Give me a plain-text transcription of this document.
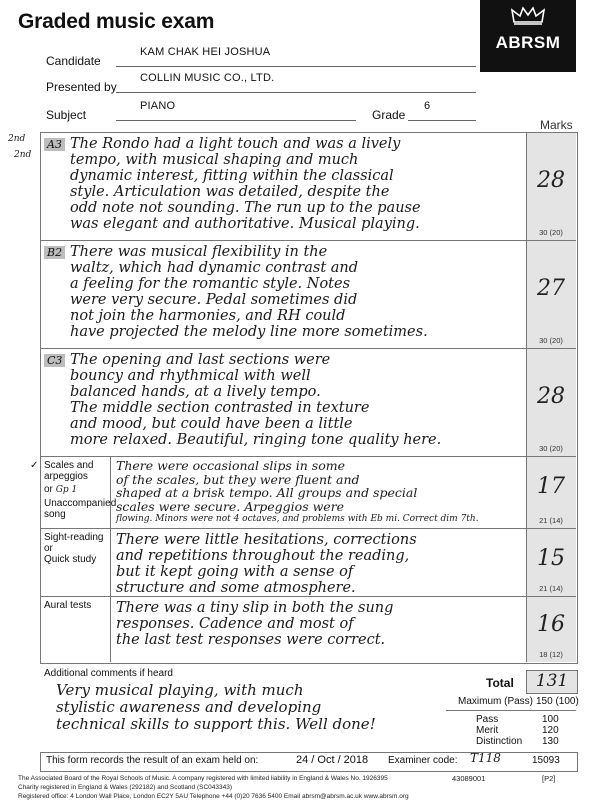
Graded music exam
ABRSM
Candidate
KAM CHAK HEI JOSHUA
Presented by
COLLIN MUSIC CO., LTD.
Subject
PIANO
Grade
6
Marks
2nd
2nd
A3 The Rondo had a light touch and was a lively
tempo, with musical shaping and much
dynamic interest, fitting within the classical
style. Articulation was detailed, despite the
odd note not sounding. The run up to the pause
was elegant and authoritative. Musical playing.
28
30 (20)
B2 There was musical flexibility in the
waltz, which had dynamic contrast and
a feeling for the romantic style. Notes
were very secure. Pedal sometimes did
not join the harmonies, and RH could
have projected the melody line more sometimes.
27
30 (20)
C3 The opening and last sections were
bouncy and rhythmical with well
balanced hands, at a lively tempo.
The middle section contrasted in texture
and mood, but could have been a little
more relaxed. Beautiful, ringing tone quality here.
28
30 (20)
✓ Scales and arpeggios
or Gp 1
Unaccompanied
song
There were occasional slips in some
of the scales, but they were fluent and
shaped at a brisk tempo. All groups and special
scales were secure. Arpeggios were
flowing. Minors were not 4 octaves, and problems with Eb mi. Correct dim 7th.
17
21 (14)
Sight-reading
or
Quick study
There were little hesitations, corrections
and repetitions throughout the reading,
but it kept going with a sense of
structure and some atmosphere.
15
21 (14)
Aural tests	There was a tiny slip in both the sung
responses. Cadence and most of
the last test responses were correct.
16
18 (12)
Additional comments if heard
Very musical playing, with much
stylistic awareness and developing
technical skills to support this. Well done!
Total	131
Maximum (Pass) 150 (100)
Pass	100
Merit	120
Distinction 130
This form records the result of an exam held on:	24 / Oct / 2018 Examiner code: T118	15093
The Associated Board of the Royal Schools of Music. A company registered with limited liability in England & Wales No. 1926395
Charity registered in England & Wales (292182) and Scotland (SC043343)
Registered office: 4 London Wall Place, London EC2Y 5AU Telephone +44 (0)20 7636 5400 Email abrsm@abrsm.ac.uk www.abrsm.org
43089001	[P2]
